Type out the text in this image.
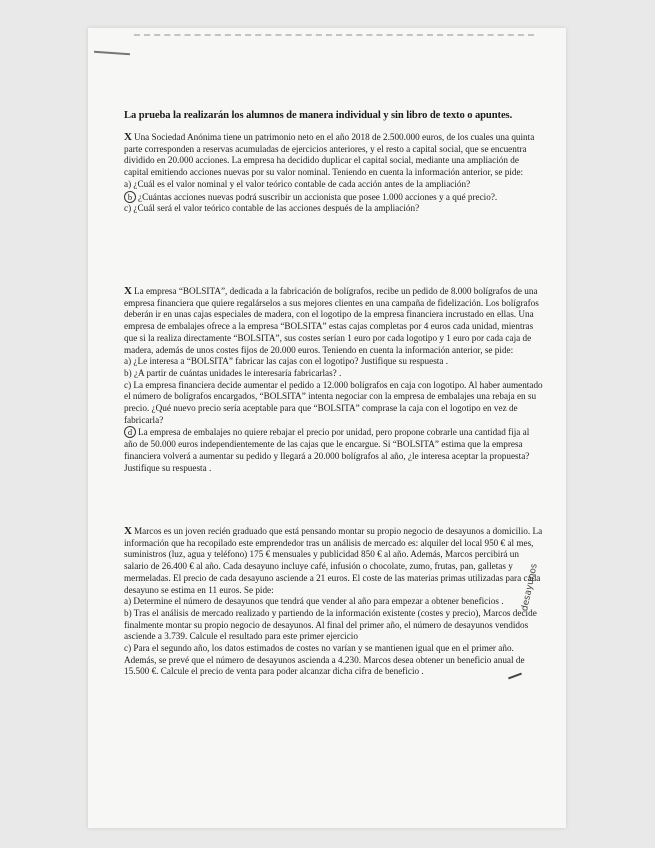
La prueba la realizarán los alumnos de manera individual y sin libro de texto o apuntes.

X Una Sociedad Anónima tiene un patrimonio neto en el año 2018 de 2.500.000 euros, de los cuales una quinta parte corresponden a reservas acumuladas de ejercicios anteriores, y el resto a capital social, que se encuentra dividido en 20.000 acciones. La empresa ha decidido duplicar el capital social, mediante una ampliación de capital emitiendo acciones nuevas por su valor nominal. Teniendo en cuenta la información anterior, se pide:

a) ¿Cuál es el valor nominal y el valor teórico contable de cada acción antes de la ampliación?

b ¿Cuántas acciones nuevas podrá suscribir un accionista que posee 1.000 acciones y a qué precio?.

c) ¿Cuál será el valor teórico contable de las acciones después de la ampliación?

X La empresa “BOLSITA”, dedicada a la fabricación de bolígrafos, recibe un pedido de 8.000 bolígrafos de una empresa financiera que quiere regalárselos a sus mejores clientes en una campaña de fidelización. Los bolígrafos deberán ir en unas cajas especiales de madera, con el logotipo de la empresa financiera incrustado en ellas. Una empresa de embalajes ofrece a la empresa “BOLSITA” estas cajas completas por 4 euros cada unidad, mientras que si la realiza directamente “BOLSITA”, sus costes serían 1 euro por cada logotipo y 1 euro por cada caja de madera, además de unos costes fijos de 20.000 euros. Teniendo en cuenta la información anterior, se pide:

a) ¿Le interesa a “BOLSITA” fabricar las cajas con el logotipo? Justifique su respuesta .

b) ¿A partir de cuántas unidades le interesaría fabricarlas? .

c) La empresa financiera decide aumentar el pedido a 12.000 bolígrafos en caja con logotipo. Al haber aumentado el número de bolígrafos encargados, “BOLSITA” intenta negociar con la empresa de embalajes una rebaja en su precio. ¿Qué nuevo precio sería aceptable para que “BOLSITA” comprase la caja con el logotipo en vez de fabricarla?

d La empresa de embalajes no quiere rebajar el precio por unidad, pero propone cobrarle una cantidad fija al año de 50.000 euros independientemente de las cajas que le encargue. Si “BOLSITA” estima que la empresa financiera volverá a aumentar su pedido y llegará a 20.000 bolígrafos al año, ¿le interesa aceptar la propuesta? Justifique su respuesta .

X Marcos es un joven recién graduado que está pensando montar su propio negocio de desayunos a domicilio. La información que ha recopilado este emprendedor tras un análisis de mercado es: alquiler del local 950 € al mes, suministros (luz, agua y teléfono) 175 € mensuales y publicidad 850 € al año. Además, Marcos percibirá un salario de 26.400 € al año. Cada desayuno incluye café, infusión o chocolate, zumo, frutas, pan, galletas y mermeladas. El precio de cada desayuno asciende a 21 euros. El coste de las materias primas utilizadas para cada desayuno se estima en 11 euros. Se pide:

a) Determine el número de desayunos que tendrá que vender al año para empezar a obtener beneficios .

b) Tras el análisis de mercado realizado y partiendo de la información existente (costes y precio), Marcos decide finalmente montar su propio negocio de desayunos. Al final del primer año, el número de desayunos vendidos asciende a 3.739. Calcule el resultado para este primer ejercicio

c) Para el segundo año, los datos estimados de costes no varían y se mantienen igual que en el primer año. Además, se prevé que el número de desayunos ascienda a 4.230. Marcos desea obtener un beneficio anual de 15.500 €. Calcule el precio de venta para poder alcanzar dicha cifra de beneficio .

desayunos
